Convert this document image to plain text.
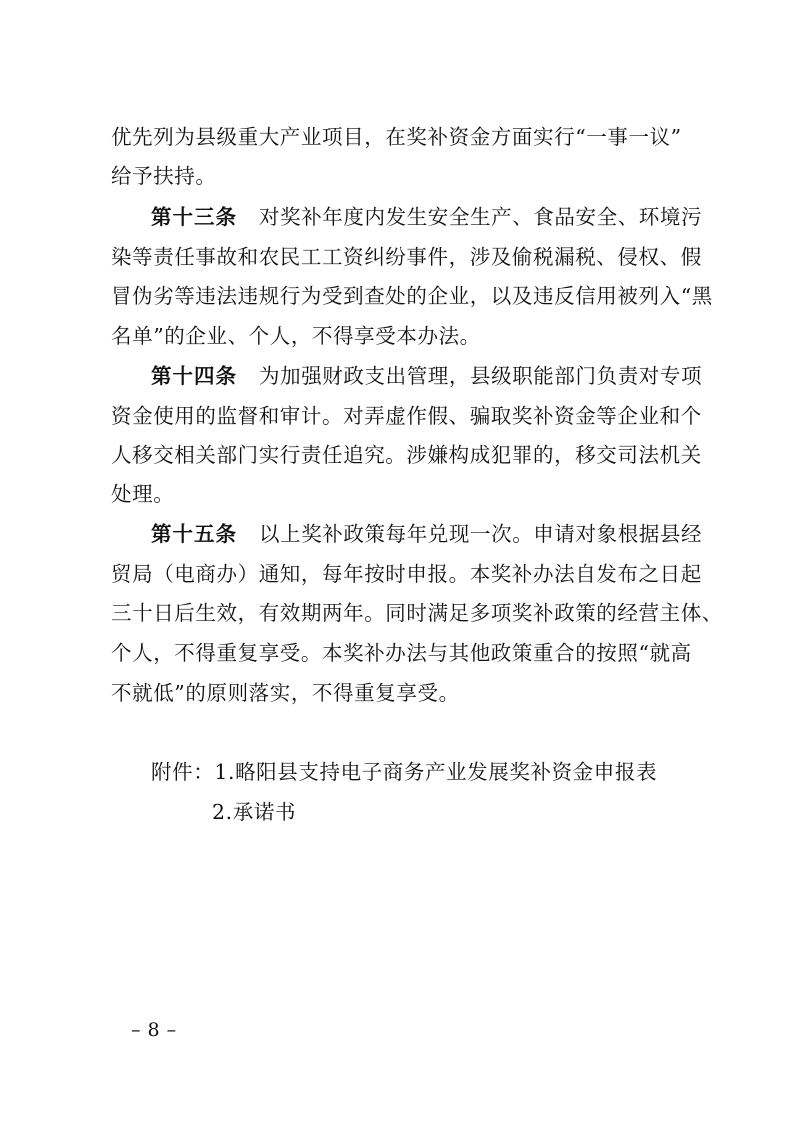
优先列为县级重大产业项目，在奖补资金方面实行“一事一议”
给予扶持。
第十三条 对奖补年度内发生安全生产、食品安全、环境污
染等责任事故和农民工工资纠纷事件，涉及偷税漏税、侵权、假
冒伪劣等违法违规行为受到查处的企业，以及违反信用被列入“黑
名单”的企业、个人，不得享受本办法。
第十四条 为加强财政支出管理，县级职能部门负责对专项
资金使用的监督和审计。对弄虚作假、骗取奖补资金等企业和个
人移交相关部门实行责任追究。涉嫌构成犯罪的，移交司法机关
处理。
第十五条 以上奖补政策每年兑现一次。申请对象根据县经
贸局（电商办）通知，每年按时申报。本奖补办法自发布之日起
三十日后生效，有效期两年。同时满足多项奖补政策的经营主体、
个人，不得重复享受。本奖补办法与其他政策重合的按照“就高
不就低”的原则落实，不得重复享受。
附件：1.略阳县支持电子商务产业发展奖补资金申报表
2.承诺书
– 8 –
